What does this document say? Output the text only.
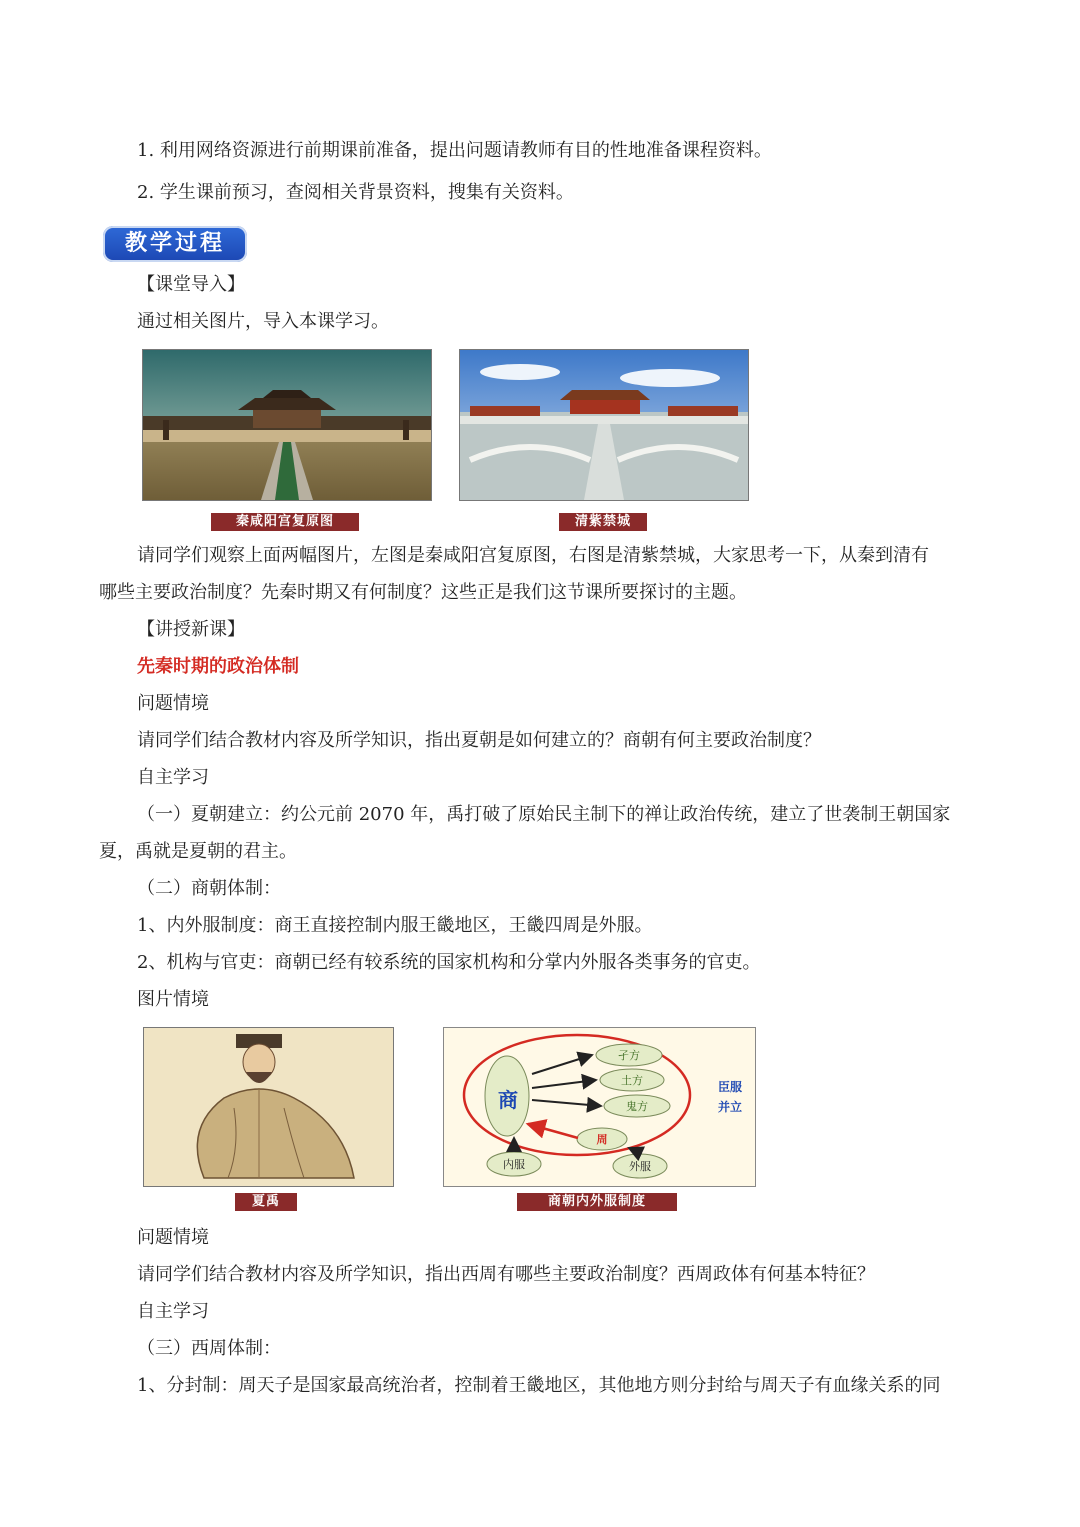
1. 利用网络资源进行前期课前准备，提出问题请教师有目的性地准备课程资料。
2. 学生课前预习，查阅相关背景资料，搜集有关资料。
教学过程
【课堂导入】
通过相关图片，导入本课学习。
秦咸阳宫复原图	清紫禁城
请同学们观察上面两幅图片，左图是秦咸阳宫复原图，右图是清紫禁城，大家思考一下，从秦到清有
哪些主要政治制度？先秦时期又有何制度？这些正是我们这节课所要探讨的主题。
【讲授新课】
先秦时期的政治体制
问题情境
请同学们结合教材内容及所学知识，指出夏朝是如何建立的？商朝有何主要政治制度？
自主学习
（一）夏朝建立：约公元前 2070 年，禹打破了原始民主制下的禅让政治传统，建立了世袭制王朝国家
夏，禹就是夏朝的君主。
（二）商朝体制：
1、内外服制度：商王直接控制内服王畿地区，王畿四周是外服。
2、机构与官吏：商朝已经有较系统的国家机构和分掌内外服各类事务的官吏。
图片情境
商
孑方
土方
鬼方
周
内服	外服
臣服
并立
夏禹	商朝内外服制度
问题情境
请同学们结合教材内容及所学知识，指出西周有哪些主要政治制度？西周政体有何基本特征？
自主学习
（三）西周体制：
1、分封制：周天子是国家最高统治者，控制着王畿地区，其他地方则分封给与周天子有血缘关系的同
